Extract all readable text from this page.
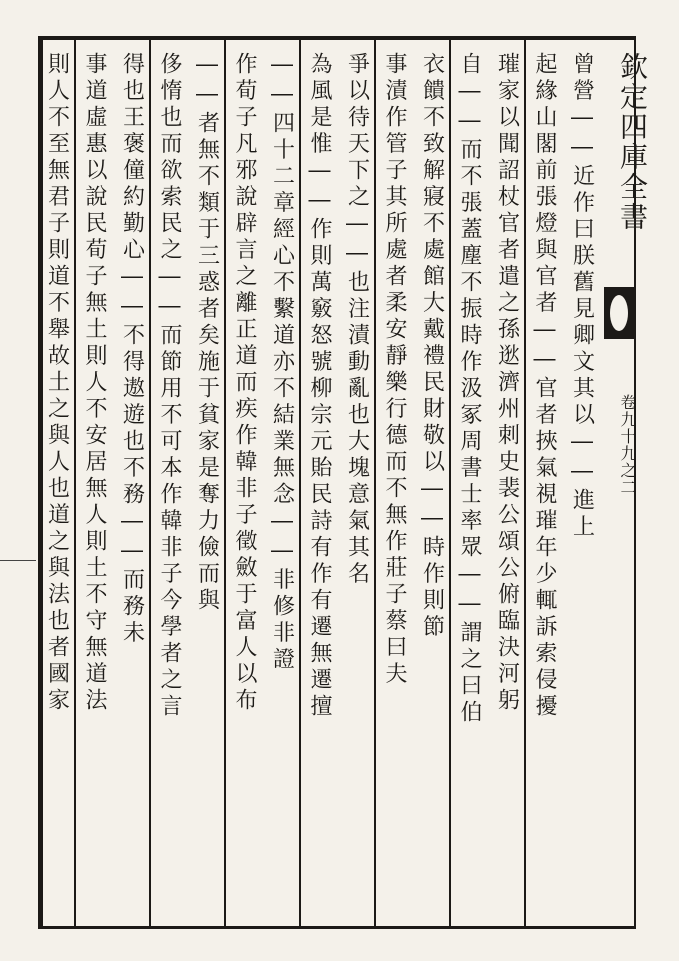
欽定四庫全書
卷九十九之二
曾營――近作曰朕舊見卿文其以――進上
起緣山閣前張燈與官者――官者挾氣視璀年少輒訴索侵擾
璀家以聞詔杖官者遣之孫逖濟州刺史裴公頌公俯臨決河躬
自――而不張蓋塵不振時作汲冢周書士率眾――謂之曰伯
衣饋不致解寢不處館大戴禮民財敬以――時作則節
事漬作管子其所處者柔安靜樂行德而不無作莊子蔡曰夫
爭以待天下之――也注漬動亂也大塊意氣其名
為風是惟――作則萬竅怒號柳宗元貽民詩有作有遷無遷擅
――四十二章經心不繫道亦不結業無念――非修非證
作荀子凡邪說辟言之離正道而疾作韓非子徵斂于富人以布
――者無不類于三惑者矣施于貧家是奪力儉而與
侈惰也而欲索民之――而節用不可本作韓非子今學者之言
得也王褒僮約勤心――不得遨遊也不務――而務未
事道虛惠以說民荀子無土則人不安居無人則土不守無道法
則人不至無君子則道不舉故土之與人也道之與法也者國家
